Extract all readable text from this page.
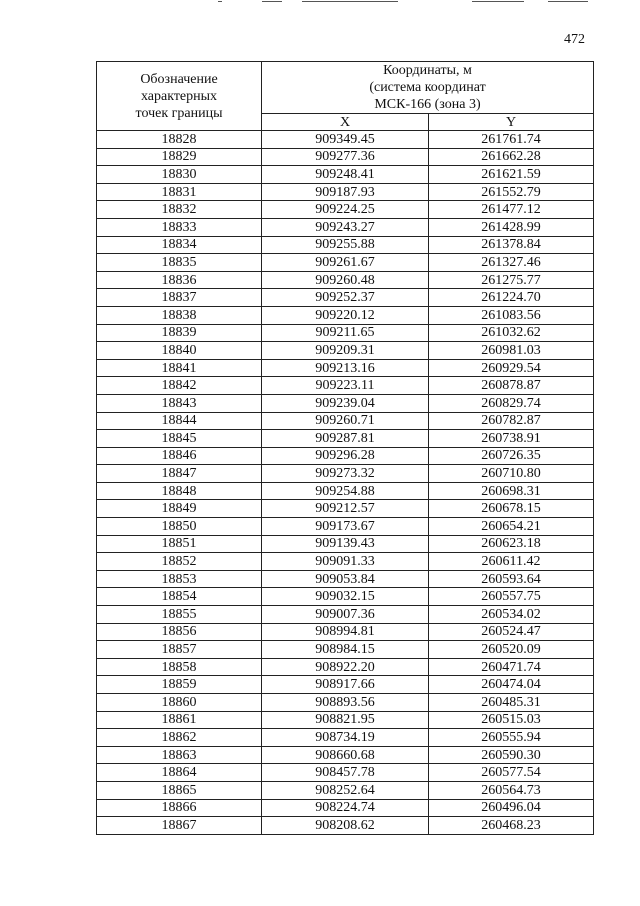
472
Обозначение
характерных
точек границы	Координаты, м
(система координат
МСК-166 (зона 3)	

	X	Y
18828	909349.45	261761.74
18829	909277.36	261662.28
18830	909248.41	261621.59
18831	909187.93	261552.79
18832	909224.25	261477.12
18833	909243.27	261428.99
18834	909255.88	261378.84
18835	909261.67	261327.46
18836	909260.48	261275.77
18837	909252.37	261224.70
18838	909220.12	261083.56
18839	909211.65	261032.62
18840	909209.31	260981.03
18841	909213.16	260929.54
18842	909223.11	260878.87
18843	909239.04	260829.74
18844	909260.71	260782.87
18845	909287.81	260738.91
18846	909296.28	260726.35
18847	909273.32	260710.80
18848	909254.88	260698.31
18849	909212.57	260678.15
18850	909173.67	260654.21
18851	909139.43	260623.18
18852	909091.33	260611.42
18853	909053.84	260593.64
18854	909032.15	260557.75
18855	909007.36	260534.02
18856	908994.81	260524.47
18857	908984.15	260520.09
18858	908922.20	260471.74
18859	908917.66	260474.04
18860	908893.56	260485.31
18861	908821.95	260515.03
18862	908734.19	260555.94
18863	908660.68	260590.30
18864	908457.78	260577.54
18865	908252.64	260564.73
18866	908224.74	260496.04
18867	908208.62	260468.23
